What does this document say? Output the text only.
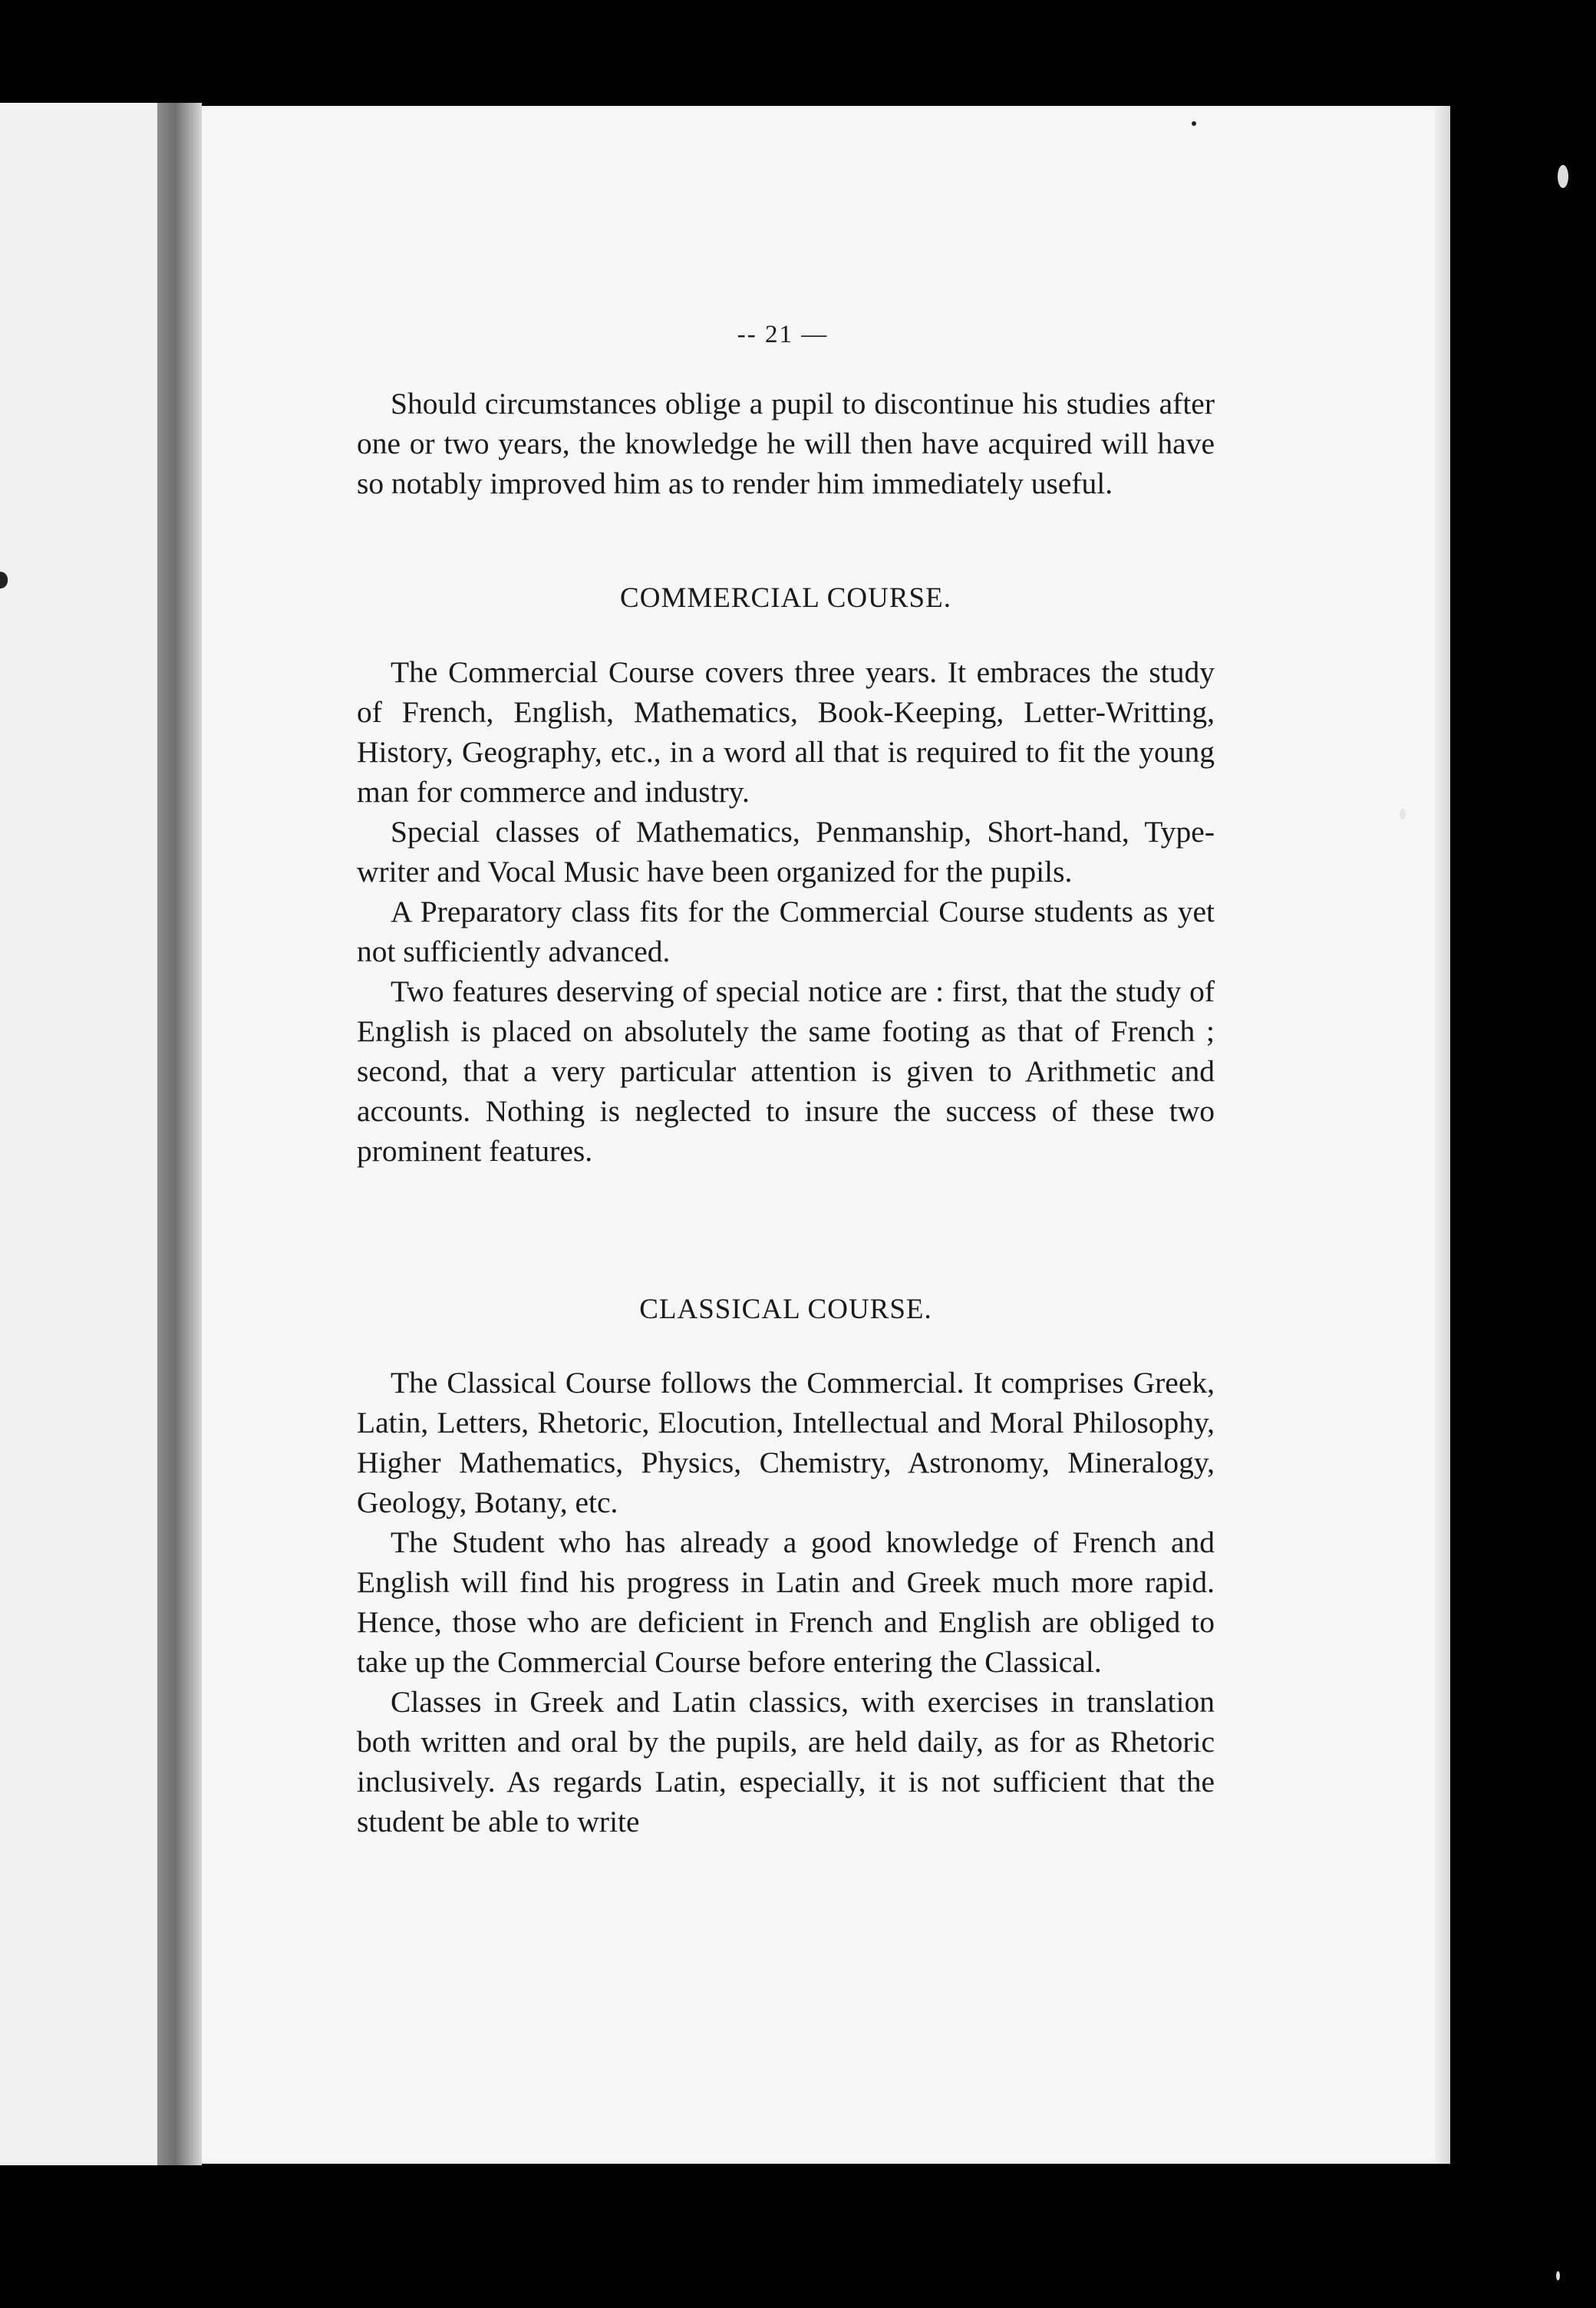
-- 21 —

Should circumstances oblige a pupil to discontinue his studies after one or two years, the knowledge he will then have acquired will have so notably improved him as to render him immediately useful.

COMMERCIAL COURSE.

The Commercial Course covers three years. It embraces the study of French, English, Mathematics, Book-Keeping, Letter-Writting, History, Geography, etc., in a word all that is required to fit the young man for commerce and industry.

Special classes of Mathematics, Penmanship, Short-hand, Type-writer and Vocal Music have been organized for the pupils.

A Preparatory class fits for the Commercial Course students as yet not sufficiently advanced.

Two features deserving of special notice are : first, that the study of English is placed on absolutely the same footing as that of French ; second, that a very particular attention is given to Arithmetic and accounts. Nothing is neglected to insure the success of these two prominent features.

CLASSICAL COURSE.

The Classical Course follows the Commercial. It comprises Greek, Latin, Letters, Rhetoric, Elocution, Intellectual and Moral Philosophy, Higher Mathematics, Physics, Chemistry, Astronomy, Mineralogy, Geology, Botany, etc.

The Student who has already a good knowledge of French and English will find his progress in Latin and Greek much more rapid. Hence, those who are deficient in French and English are obliged to take up the Commercial Course before entering the Classical.

Classes in Greek and Latin classics, with exercises in translation both written and oral by the pupils, are held daily, as for as Rhetoric inclusively. As regards Latin, especially, it is not sufficient that the student be able to write
